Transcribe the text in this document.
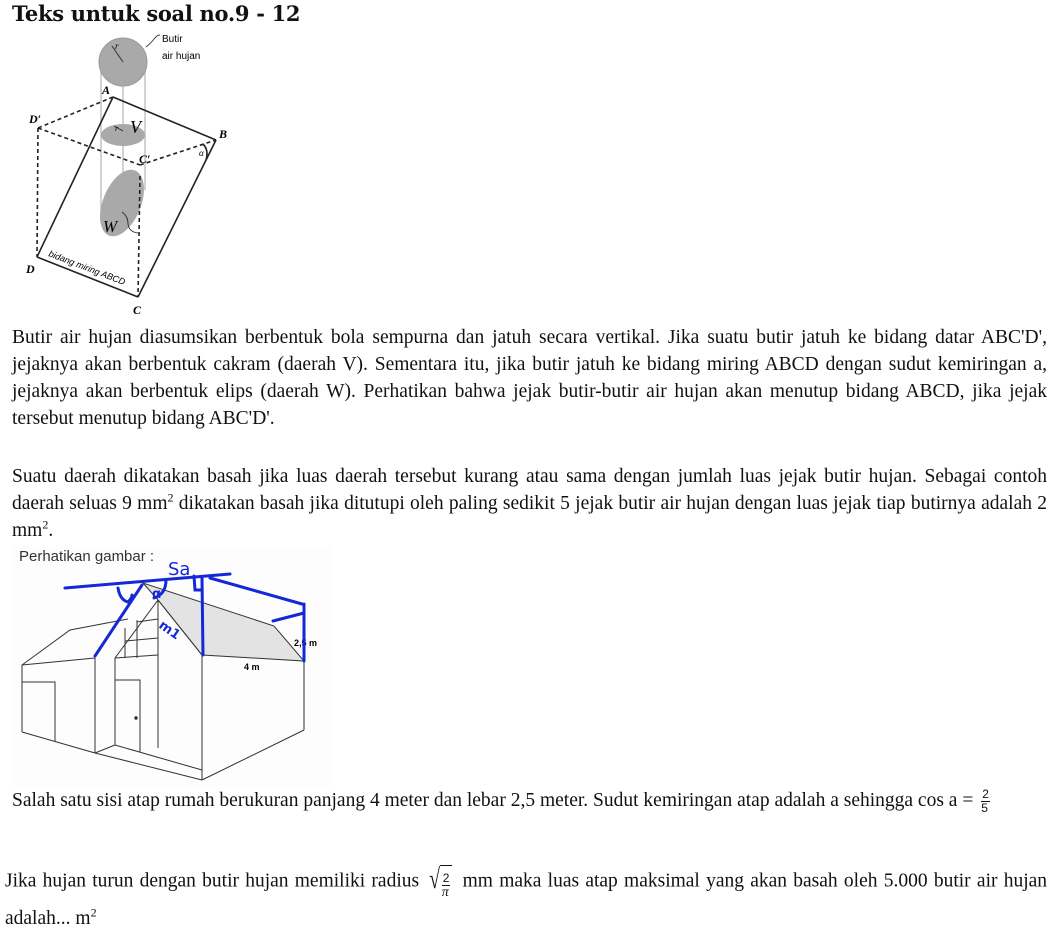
Teks untuk soal no.9 - 12
r
Butir
air hujan
r V
W
A
B
C
D
C′
D′
α
bidang miring ABCD
Butir air hujan diasumsikan berbentuk bola sempurna dan jatuh secara vertikal. Jika suatu butir jatuh ke bidang datar ABC'D', jejaknya akan berbentuk cakram (daerah V). Sementara itu, jika butir jatuh ke bidang miring ABCD dengan sudut kemiringan a, jejaknya akan berbentuk elips (daerah W). Perhatikan bahwa jejak butir-butir air hujan akan menutup bidang ABCD, jika jejak tersebut menutup bidang ABC'D'.
Suatu daerah dikatakan basah jika luas daerah tersebut kurang atau sama dengan jumlah luas jejak butir hujan. Sebagai contoh daerah seluas 9 $mm^2$ dikatakan basah jika ditutupi oleh paling sedikit 5 jejak butir air hujan dengan luas jejak tiap butirnya adalah 2 $mm^2$.
Perhatikan gambar :
4 m
2,5 m
Sa
α
m1
Salah satu sisi atap rumah berukuran panjang 4 meter dan lebar 2,5 meter. Sudut kemiringan atap adalah a sehingga $\cos a = \frac{2}{5}$
Jika hujan turun dengan butir hujan memiliki radius √ $\frac{2}{\pi}$ mm maka luas atap maksimal yang akan basah oleh 5.000 butir air hujan adalah... $m^2$
